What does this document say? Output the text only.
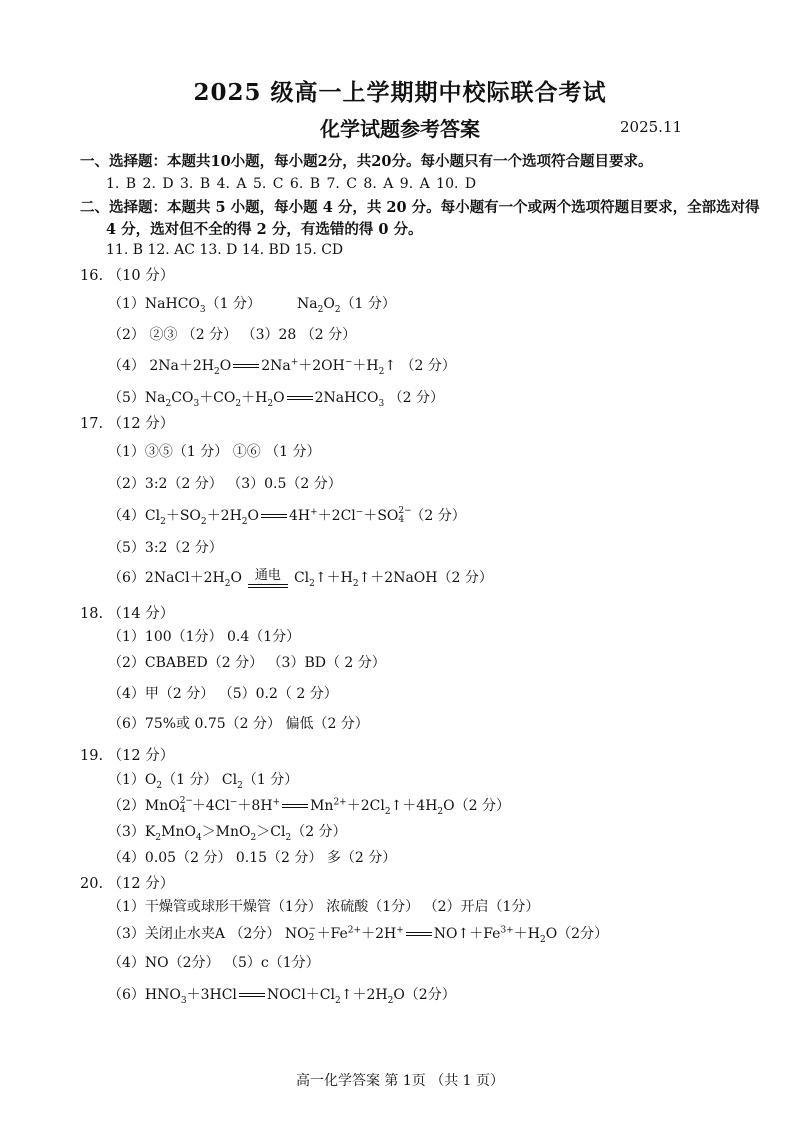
2025 级高一上学期期中校际联合考试
化学试题参考答案	2025.11
一、选择题：本题共10小题，每小题2分，共20分。每小题只有一个选项符合题目要求。
1. B 2. D 3. B 4. A 5. C 6. B 7. C 8. A 9. A 10. D
二、选择题：本题共 5 小题，每小题 4 分，共 20 分。每小题有一个或两个选项符题目要求，全部选对得
4 分，选对但不全的得 2 分，有选错的得 0 分。
11. B 12. AC 13. D 14. BD 15. CD
16. （10 分）
（1）NaHCO$_3$（1 分）	$Na_2O_2(1$ 分）
（2） ②③ （2 分） （3）28 （2 分）
（4） $2Na+2H_2O$ $2Na^++2OH^-+H_2↑$ （2 分）
$(5)Na_2CO_3+CO_2+H_2O$ 2NaHCO$_3$ （2 分）
17. （12 分）
（1）③⑤（1 分） ①⑥ （1 分）
（2）3:2（2 分） （3）0.5（2 分）
$(4)Cl_2+SO_2+2H_2O$ 4H+＋2Cl−＋SO 2−
4 （2 分）
（5）3:2（2 分）
$(6)2NaCl+2H_2O$ 通电 $Cl_2↑+H_2↑+2NaOH(2$ 分）
18. （14 分）
（1）100（1分） 0.4（1分）
（2）CBABED（2 分） （3）BD（ 2 分）
（4）甲（2 分） （5）0.2（ 2 分）
（6）75%或 0.75（2 分） 偏低（2 分）
19. （12 分）
$(1)O_2(1$ 分） $Cl_2(1$ 分）
（2）MnO 2−
4 ＋4Cl−＋8H+ $Mn^{2+}+2Cl_2↑+4H_2O(2$ 分）
$(3)K_2MnO_4>MnO_2>Cl_2(2$ 分）
（4）0.05（2 分） 0.15（2 分） 多（2 分）
20. （12 分）
（1）干燥管或球形干燥管（1分） 浓硫酸（1分） （2）开启（1分）
（3）关闭止水夹A （2分） NO −
$2 +Fe^{2+}+2H^+$ $NO↑+Fe^{3+}+H_2O(2$分）
（4）NO（2分） （5）c（1分）
$(6)HNO_3+3HCl$ $NOCl+Cl_2↑+2H_2O(2$分）
高一化学答案 第 1页 （共 1 页）
